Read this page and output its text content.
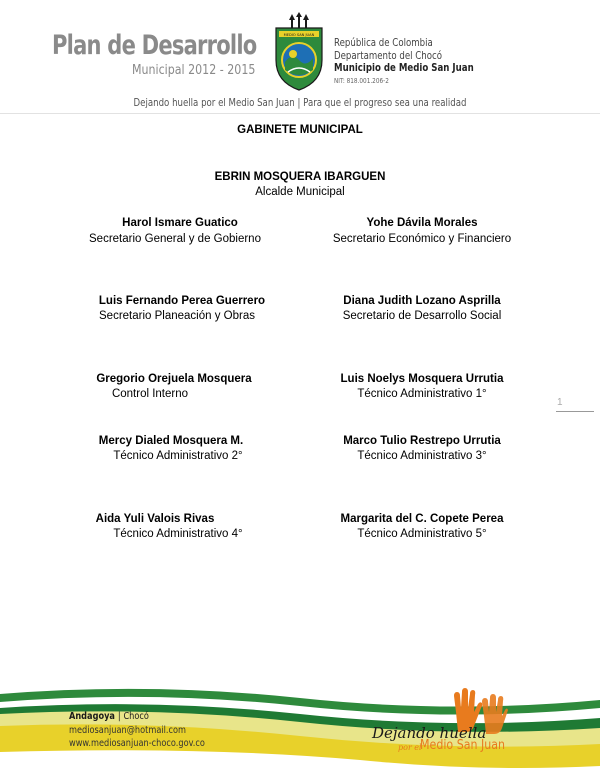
Plan de Desarrollo
Municipal 2012 - 2015
MEDIO SAN JUAN
República de Colombia
Departamento del Chocó
Municipio de Medio San Juan
NIT: 818.001.206-2
Dejando huella por el Medio San Juan | Para que el progreso sea una realidad
GABINETE MUNICIPAL
EBRIN MOSQUERA IBARGUEN
Alcalde Municipal
Harol Ismare Guatico
Secretario General y de Gobierno
Yohe Dávila Morales
Secretario Económico y Financiero
Luis Fernando Perea Guerrero
Secretario Planeación y Obras
Diana Judith Lozano Asprilla
Secretario de Desarrollo Social
Gregorio Orejuela Mosquera
Control Interno
Luis Noelys Mosquera Urrutia
Técnico Administrativo 1°
Mercy Dialed Mosquera M.
Técnico Administrativo 2°
Marco Tulio Restrepo Urrutia
Técnico Administrativo 3°
Aida Yuli Valois Rivas
Técnico Administrativo 4°
Margarita del C. Copete Perea
Técnico Administrativo 5°
1
Andagoya | Chocó
mediosanjuan@hotmail.com
www.mediosanjuan-choco.gov.co
Dejando huella
por el
Medio San Juan
